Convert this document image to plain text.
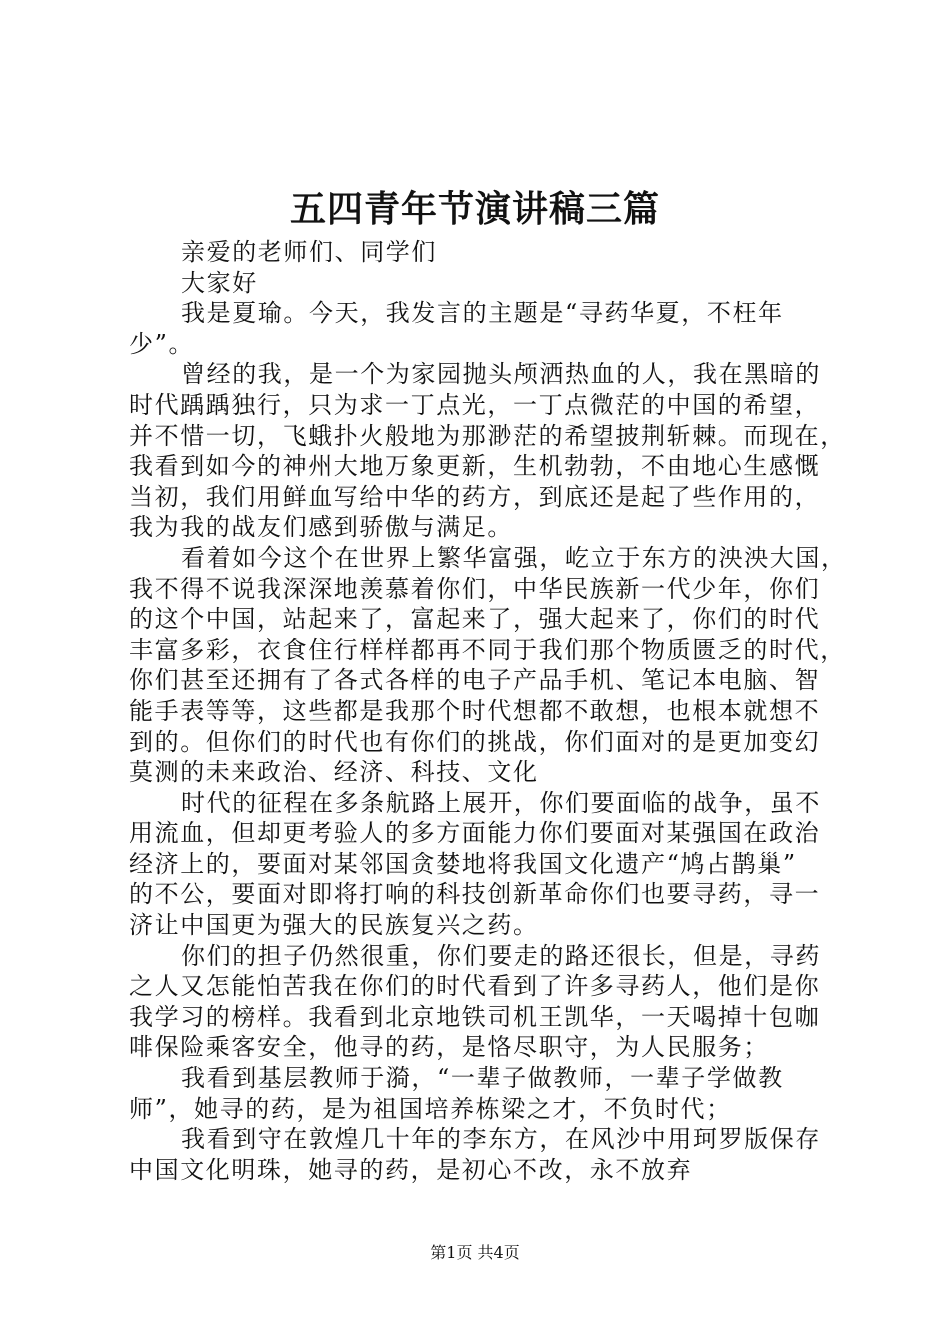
五四青年节演讲稿三篇
亲爱的老师们、同学们
大家好
我是夏瑜。今天，我发言的主题是“寻药华夏，不枉年
少”。
曾经的我，是一个为家园抛头颅洒热血的人，我在黑暗的
时代踽踽独行，只为求一丁点光，一丁点微茫的中国的希望，
并不惜一切，飞蛾扑火般地为那渺茫的希望披荆斩棘。而现在，
我看到如今的神州大地万象更新，生机勃勃，不由地心生感慨
当初，我们用鲜血写给中华的药方，到底还是起了些作用的，
我为我的战友们感到骄傲与满足。
看着如今这个在世界上繁华富强，屹立于东方的泱泱大国，
我不得不说我深深地羡慕着你们，中华民族新一代少年，你们
的这个中国，站起来了，富起来了，强大起来了，你们的时代
丰富多彩，衣食住行样样都再不同于我们那个物质匮乏的时代，
你们甚至还拥有了各式各样的电子产品手机、笔记本电脑、智
能手表等等，这些都是我那个时代想都不敢想，也根本就想不
到的。但你们的时代也有你们的挑战，你们面对的是更加变幻
莫测的未来政治、经济、科技、文化
时代的征程在多条航路上展开，你们要面临的战争，虽不
用流血，但却更考验人的多方面能力你们要面对某强国在政治
经济上的，要面对某邻国贪婪地将我国文化遗产“鸠占鹊巢”
的不公，要面对即将打响的科技创新革命你们也要寻药，寻一
济让中国更为强大的民族复兴之药。
你们的担子仍然很重，你们要走的路还很长，但是，寻药
之人又怎能怕苦我在你们的时代看到了许多寻药人，他们是你
我学习的榜样。我看到北京地铁司机王凯华，一天喝掉十包咖
啡保险乘客安全，他寻的药，是恪尽职守，为人民服务；
我看到基层教师于漪，“一辈子做教师，一辈子学做教
师”，她寻的药，是为祖国培养栋梁之才，不负时代；
我看到守在敦煌几十年的李东方，在风沙中用珂罗版保存
中国文化明珠，她寻的药，是初心不改，永不放弃
第1页 共4页
